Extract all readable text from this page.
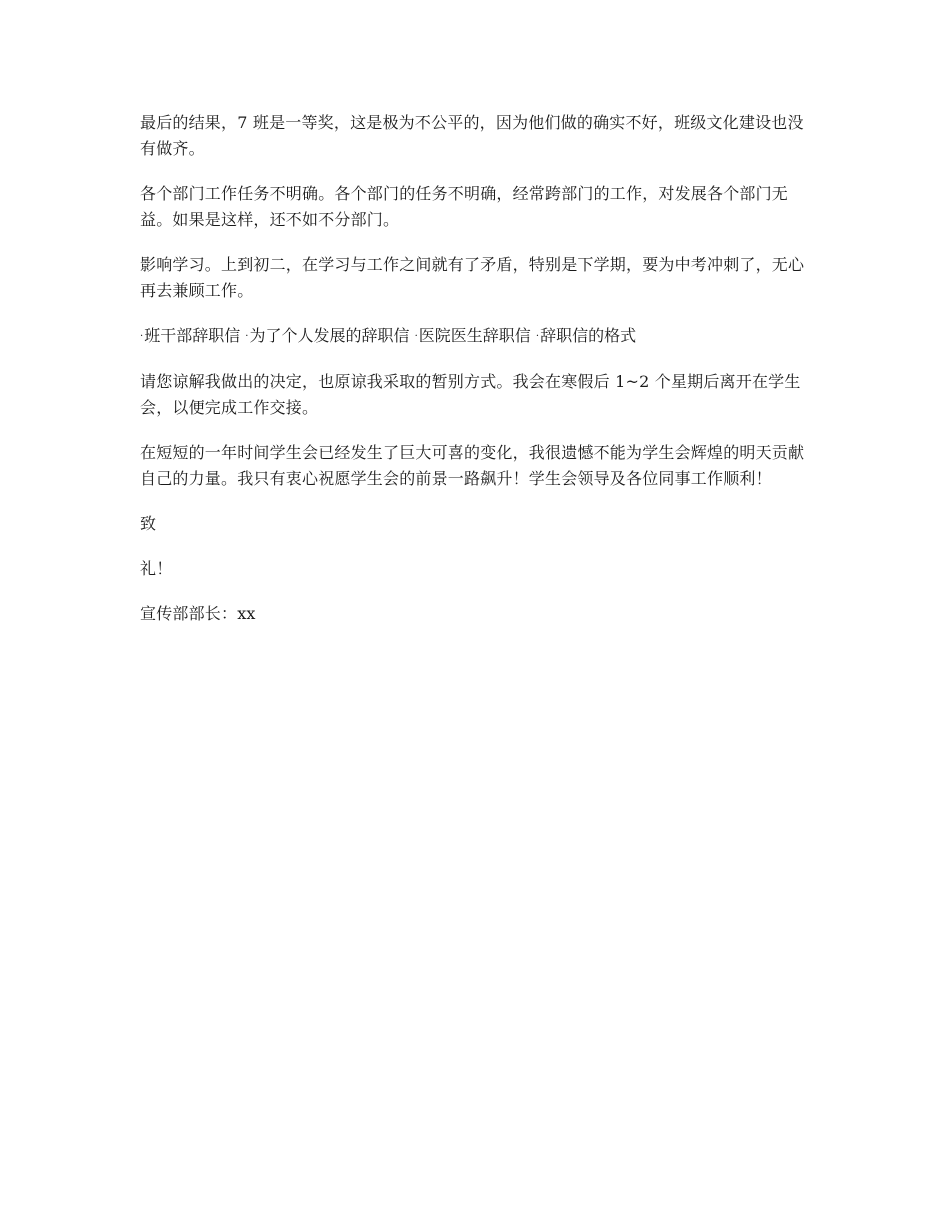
最后的结果，7 班是一等奖，这是极为不公平的，因为他们做的确实不好，班级文化建设也没有做齐。

各个部门工作任务不明确。各个部门的任务不明确，经常跨部门的工作，对发展各个部门无益。如果是这样，还不如不分部门。

影响学习。上到初二，在学习与工作之间就有了矛盾，特别是下学期，要为中考冲刺了，无心再去兼顾工作。

·班干部辞职信 ·为了个人发展的辞职信 ·医院医生辞职信 ·辞职信的格式

请您谅解我做出的决定，也原谅我采取的暂别方式。我会在寒假后 1~2 个星期后离开在学生会，以便完成工作交接。

在短短的一年时间学生会已经发生了巨大可喜的变化，我很遗憾不能为学生会辉煌的明天贡献自己的力量。我只有衷心祝愿学生会的前景一路飙升！学生会领导及各位同事工作顺利！

致

礼！

宣传部部长：xx
